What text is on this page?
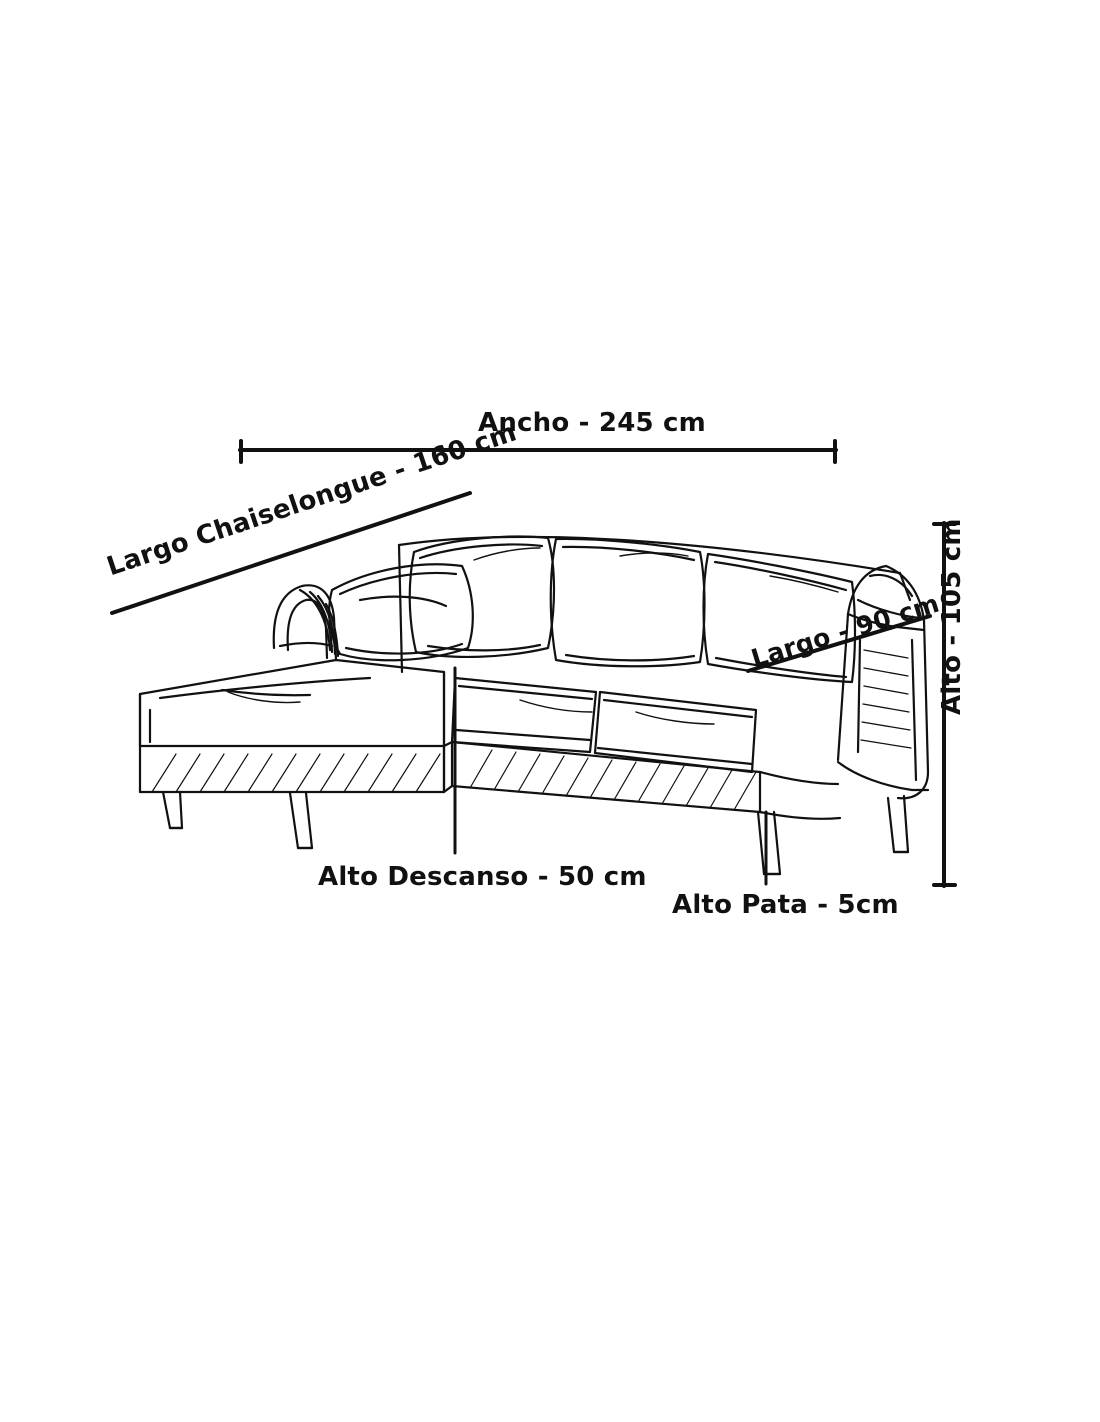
Ancho - 245 cm
Largo Chaiselongue - 160 cm
Largo - 90 cm
Alto - 105 cm
Alto Descanso - 50 cm
Alto Pata - 5cm
